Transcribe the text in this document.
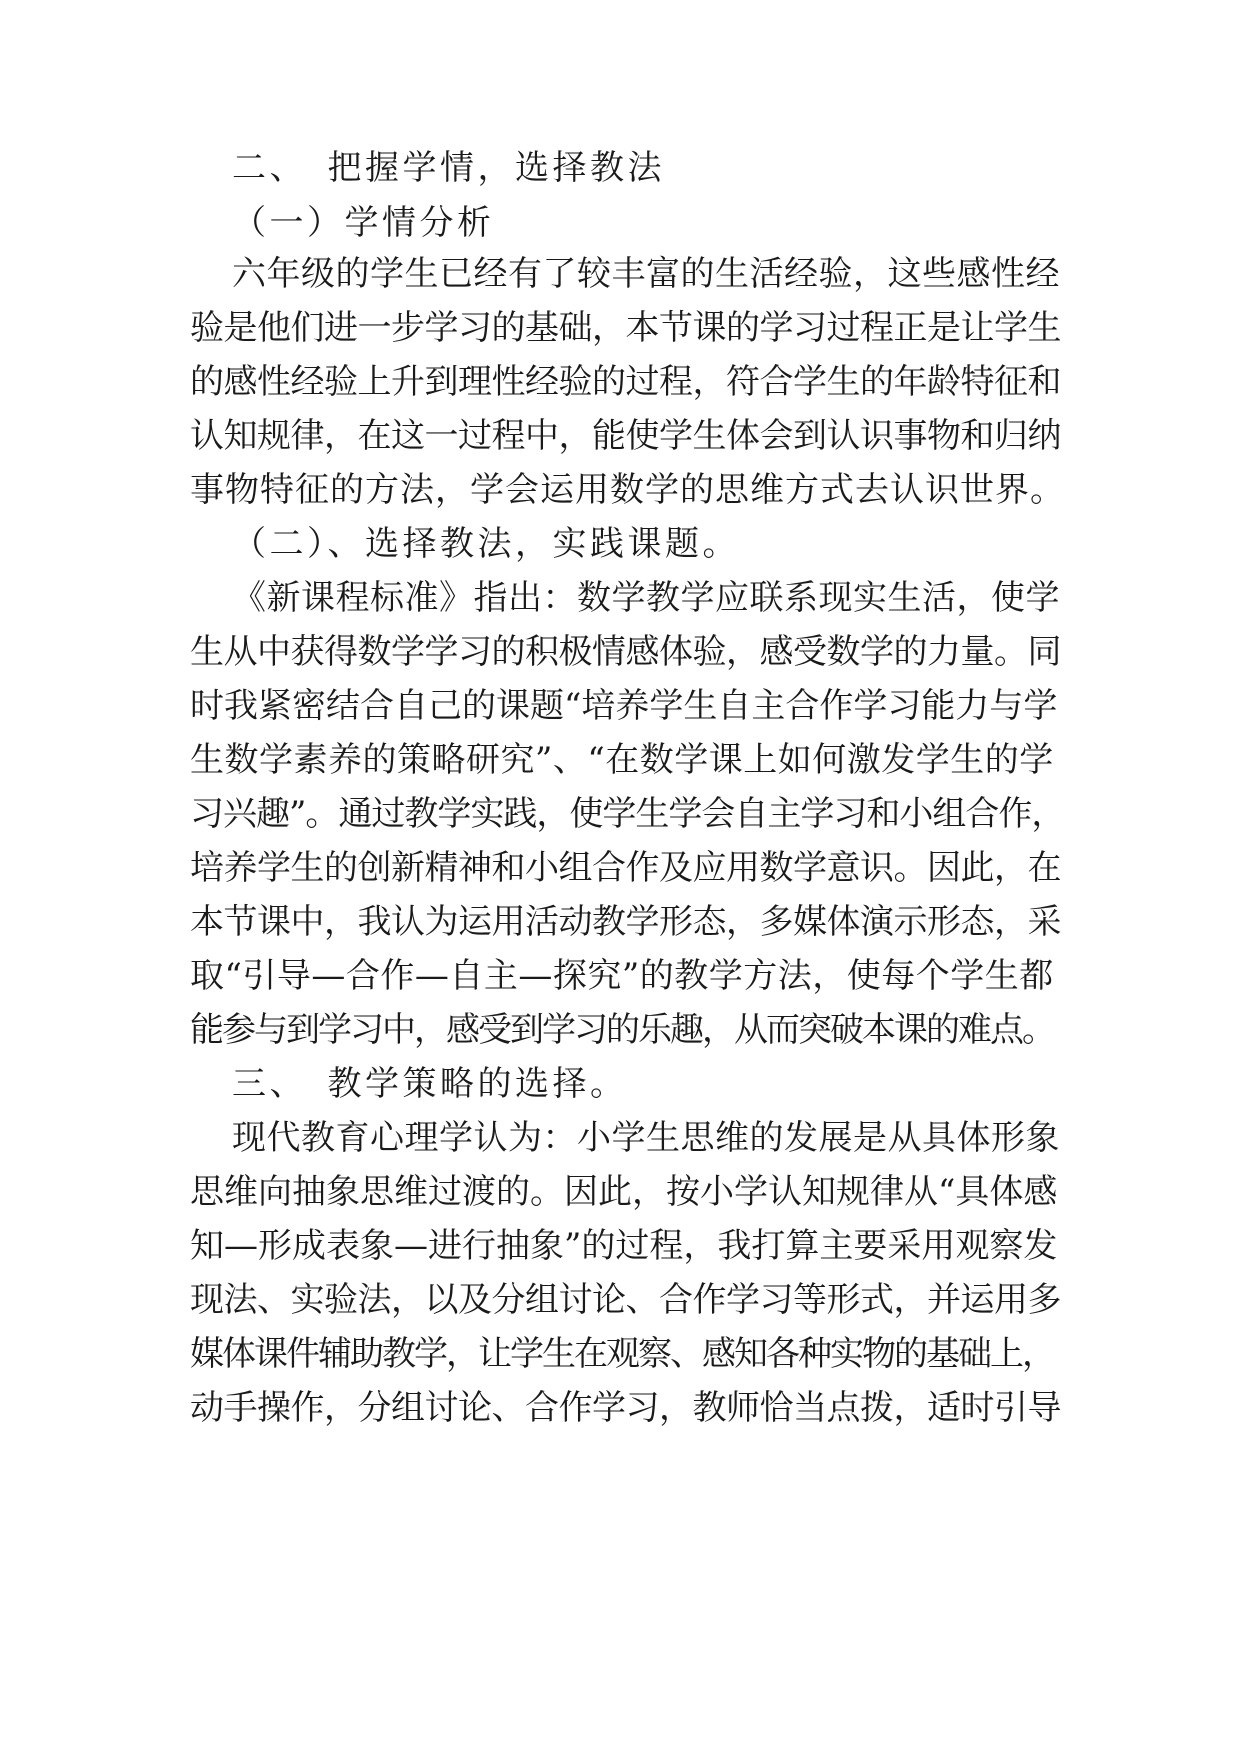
二、　把握学情，选择教法

（一）学情分析

六年级的学生已经有了较丰富的生活经验，这些感性经

验是他们进一步学习的基础，本节课的学习过程正是让学生

的感性经验上升到理性经验的过程，符合学生的年龄特征和

认知规律，在这一过程中，能使学生体会到认识事物和归纳

事物特征的方法，学会运用数学的思维方式去认识世界。

（二）、选择教法，实践课题。

《新课程标准》指出：数学教学应联系现实生活，使学

生从中获得数学学习的积极情感体验，感受数学的力量。同

时我紧密结合自己的课题“培养学生自主合作学习能力与学

生数学素养的策略研究”、“在数学课上如何激发学生的学

习兴趣”。通过教学实践，使学生学会自主学习和小组合作，

培养学生的创新精神和小组合作及应用数学意识。因此，在

本节课中，我认为运用活动教学形态，多媒体演示形态，采

取“引导—合作—自主—探究”的教学方法，使每个学生都

能参与到学习中，感受到学习的乐趣，从而突破本课的难点。

三、　教学策略的选择。

现代教育心理学认为：小学生思维的发展是从具体形象

思维向抽象思维过渡的。因此，按小学认知规律从“具体感

知—形成表象—进行抽象”的过程，我打算主要采用观察发

现法、实验法，以及分组讨论、合作学习等形式，并运用多

媒体课件辅助教学，让学生在观察、感知各种实物的基础上，

动手操作，分组讨论、合作学习，教师恰当点拨，适时引导
